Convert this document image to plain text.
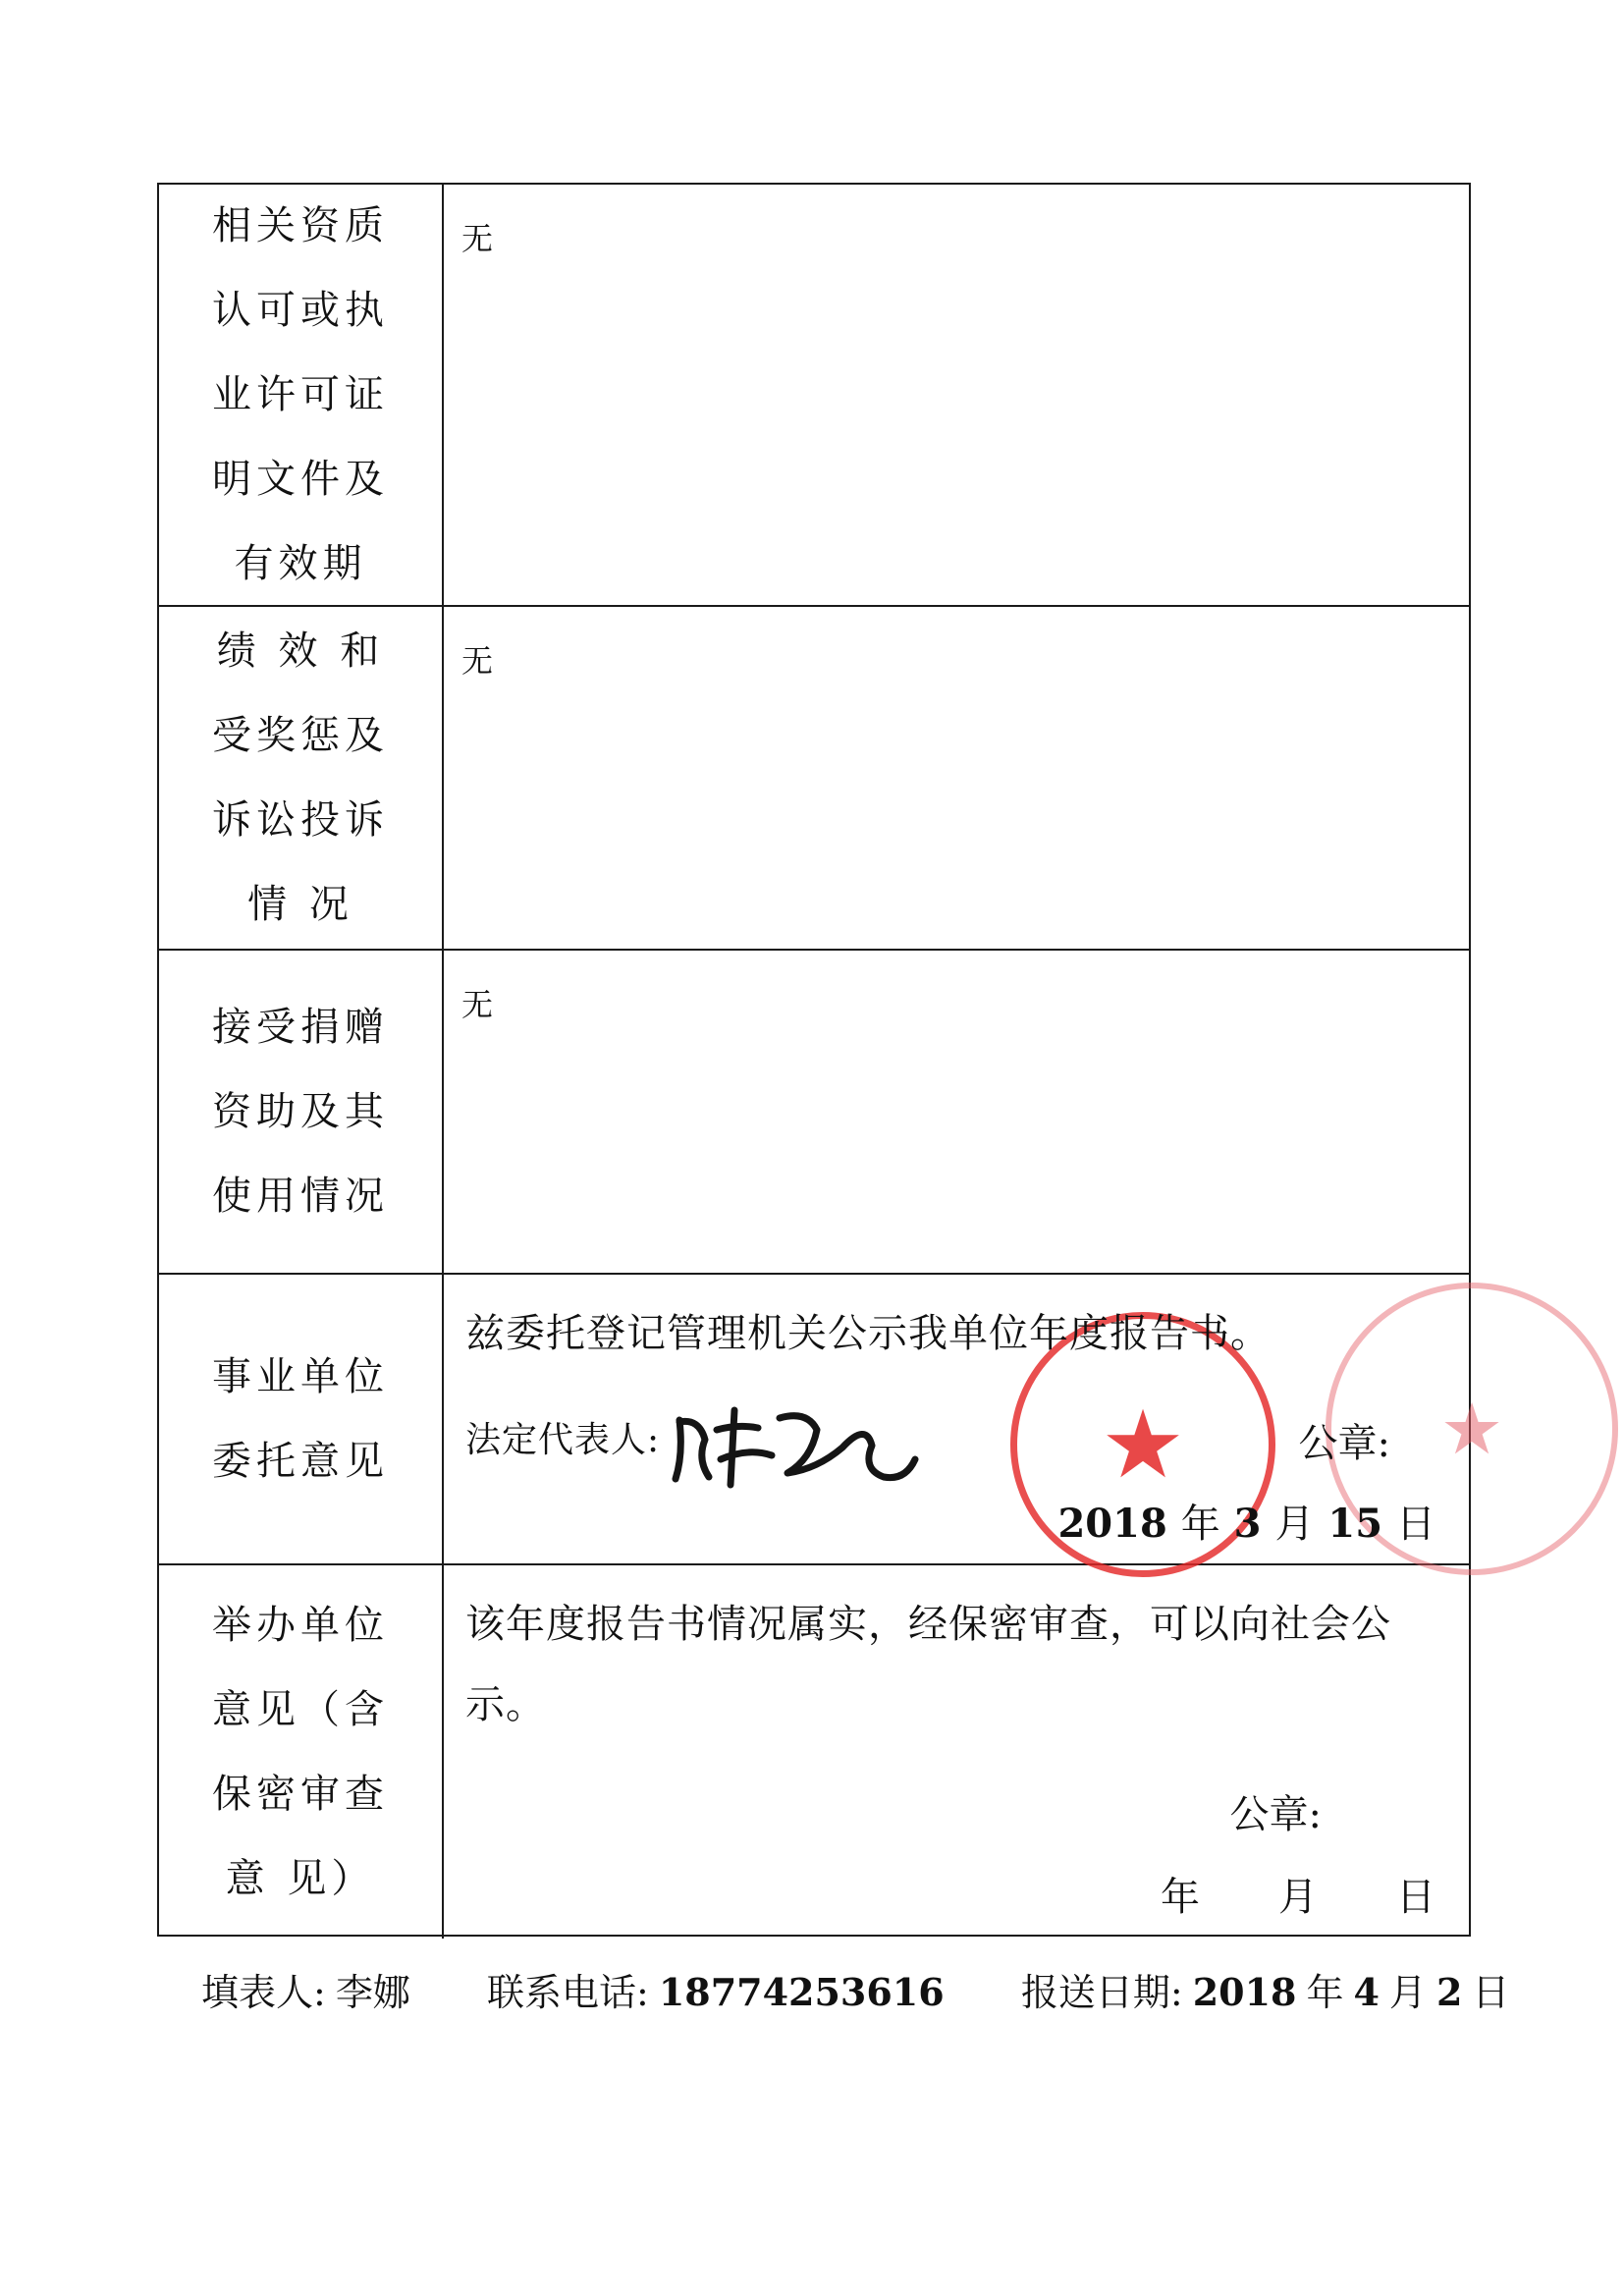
相关资质
认可或执
业许可证
明文件及
有效期
无
绩 效 和
受奖惩及
诉讼投诉
情 况
无
接受捐赠
资助及其
使用情况
无
事业单位
委托意见	★
★
兹委托登记管理机关公示我单位年度报告书。
法定代表人:	公章:
2018 年 3 月 15 日
举办单位
意见（含
保密审查
意 见）
该年度报告书情况属实，经保密审查，可以向社会公
示。
公章:
年　　月　　日
填表人: 李娜 联系电话: 18774253616 报送日期: 2018 年 4 月 2 日
